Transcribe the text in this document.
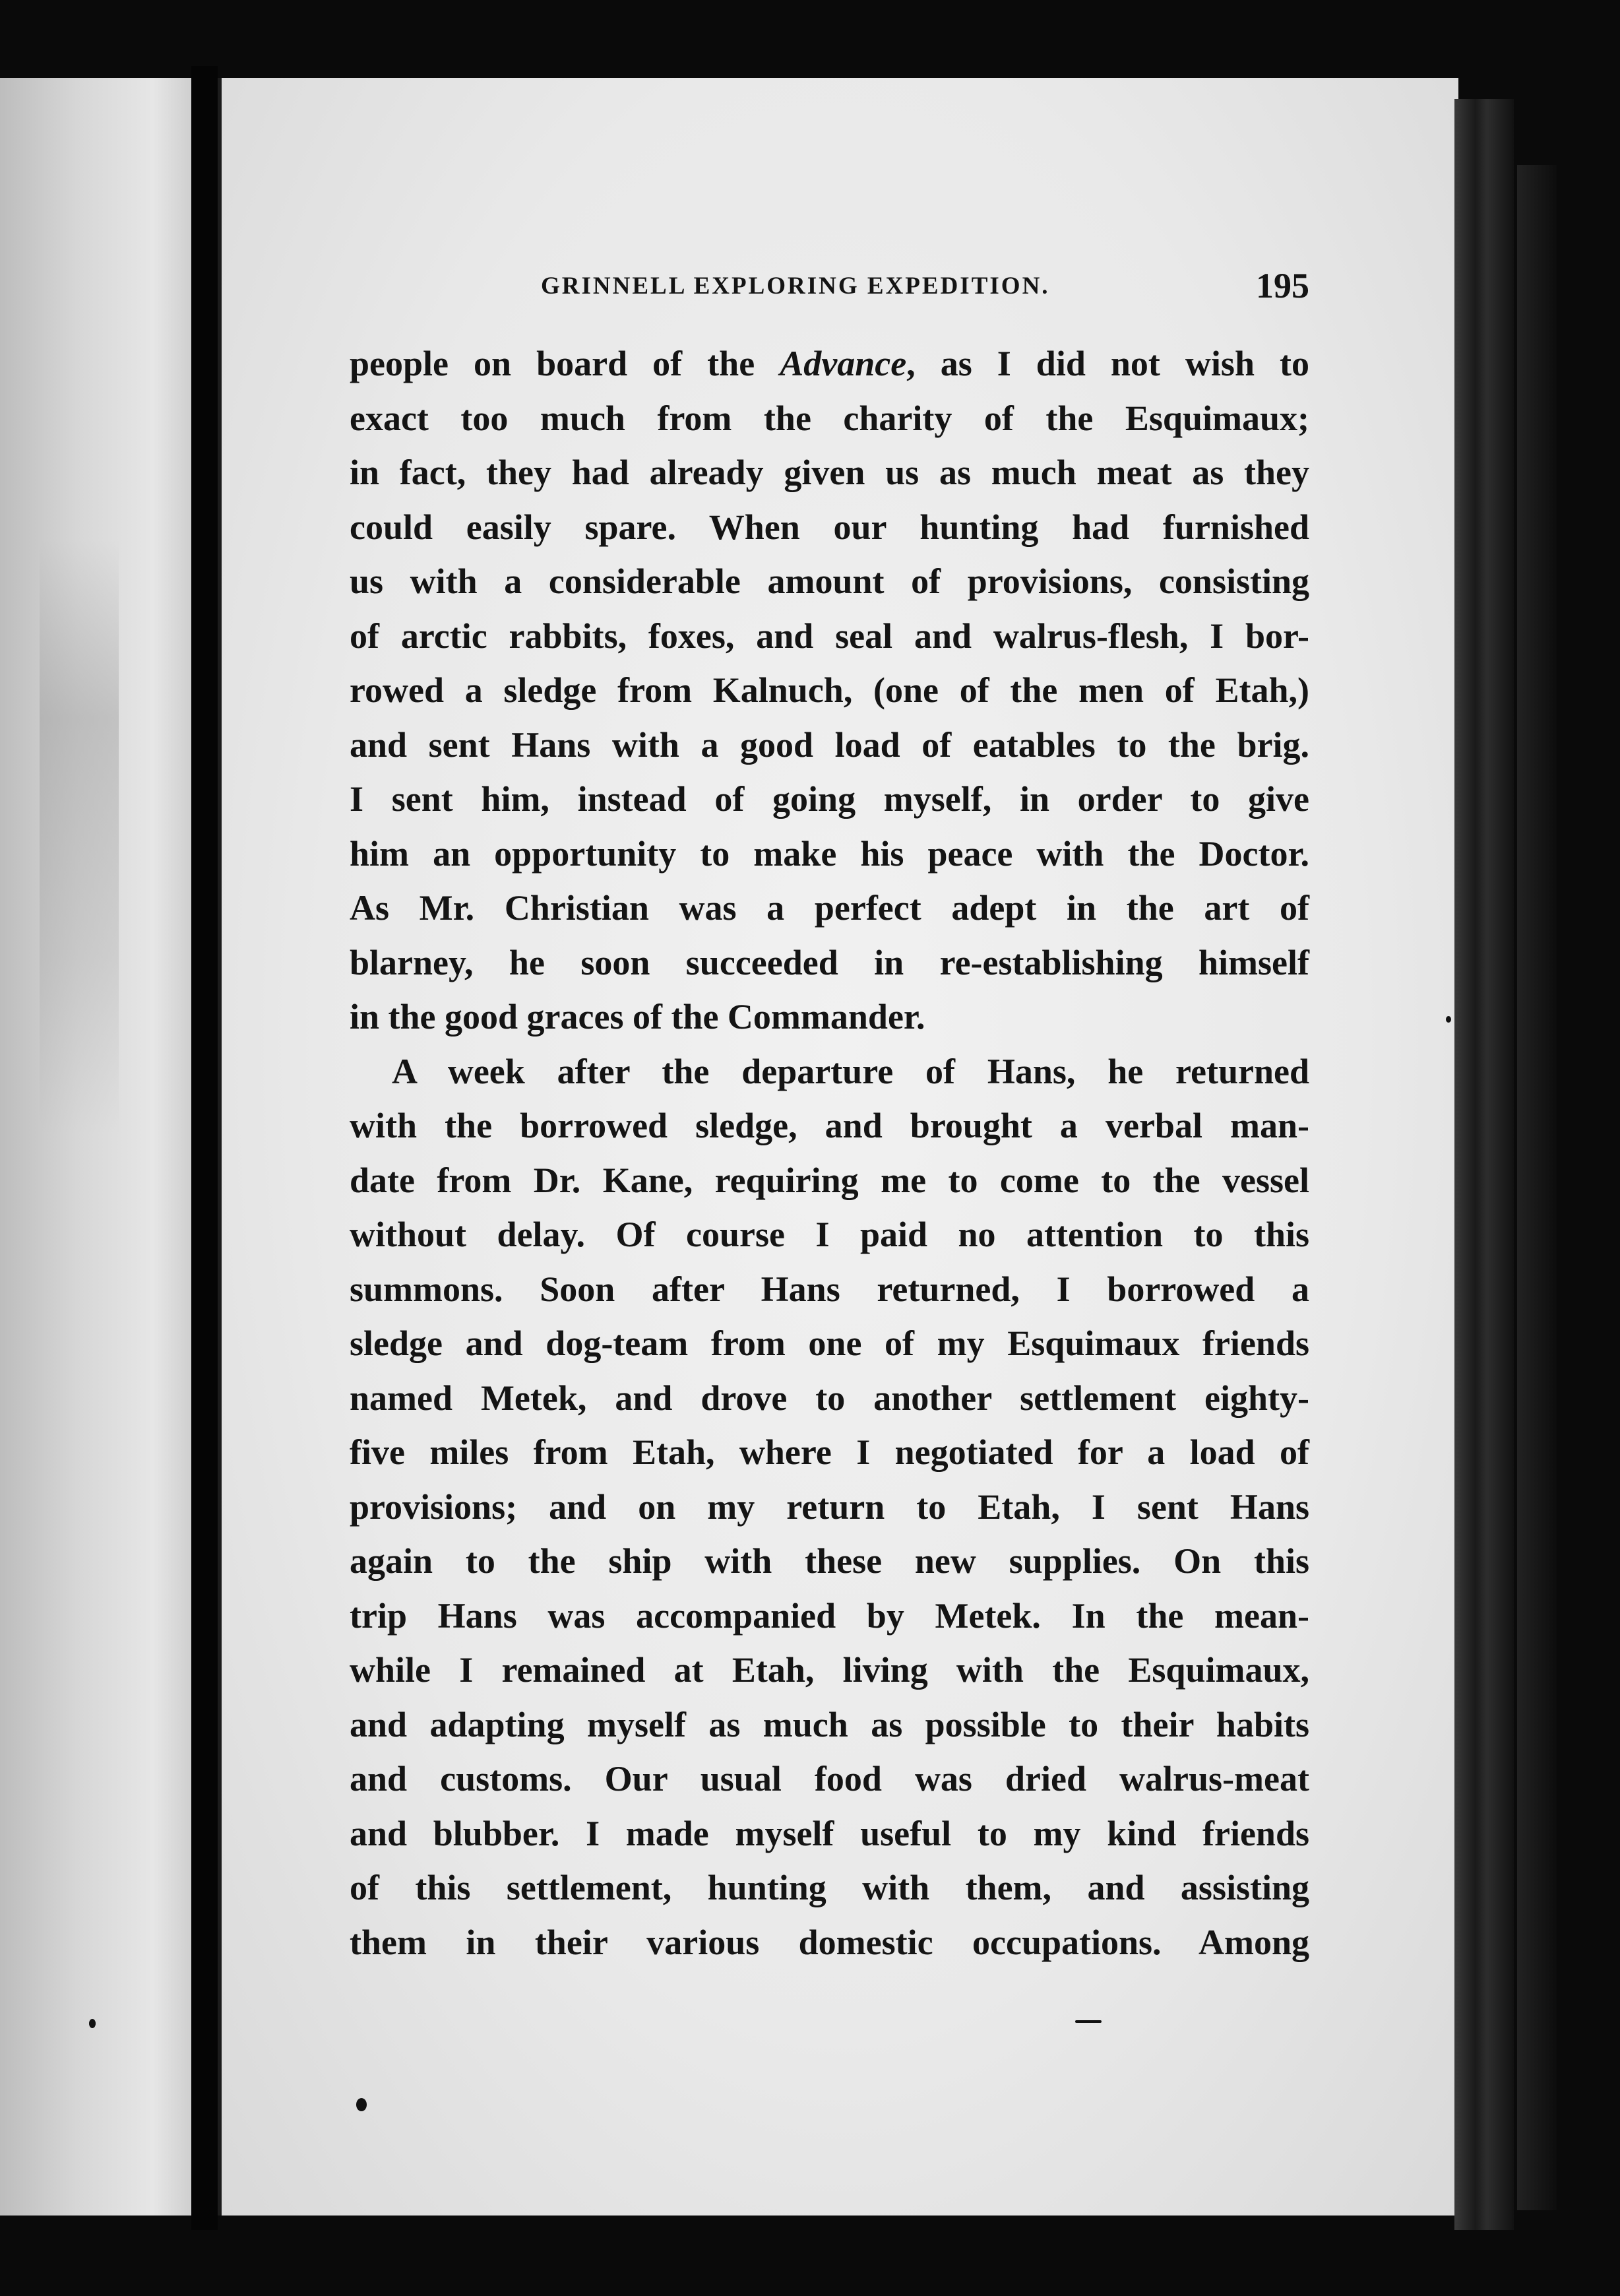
GRINNELL EXPLORING EXPEDITION.	195
people on board of the Advance, as I did not wish to
exact too much from the charity of the Esquimaux;
in fact, they had already given us as much meat as they
could easily spare. When our hunting had furnished
us with a considerable amount of provisions, consisting
of arctic rabbits, foxes, and seal and walrus-flesh, I bor-
rowed a sledge from Kalnuch, (one of the men of Etah,)
and sent Hans with a good load of eatables to the brig.
I sent him, instead of going myself, in order to give
him an opportunity to make his peace with the Doctor.
As Mr. Christian was a perfect adept in the art of
blarney, he soon succeeded in re-establishing himself
in the good graces of the Commander.
A week after the departure of Hans, he returned
with the borrowed sledge, and brought a verbal man-
date from Dr. Kane, requiring me to come to the vessel
without delay. Of course I paid no attention to this
summons. Soon after Hans returned, I borrowed a
sledge and dog-team from one of my Esquimaux friends
named Metek, and drove to another settlement eighty-
five miles from Etah, where I negotiated for a load of
provisions; and on my return to Etah, I sent Hans
again to the ship with these new supplies. On this
trip Hans was accompanied by Metek. In the mean-
while I remained at Etah, living with the Esquimaux,
and adapting myself as much as possible to their habits
and customs. Our usual food was dried walrus-meat
and blubber. I made myself useful to my kind friends
of this settlement, hunting with them, and assisting
them in their various domestic occupations. Among
